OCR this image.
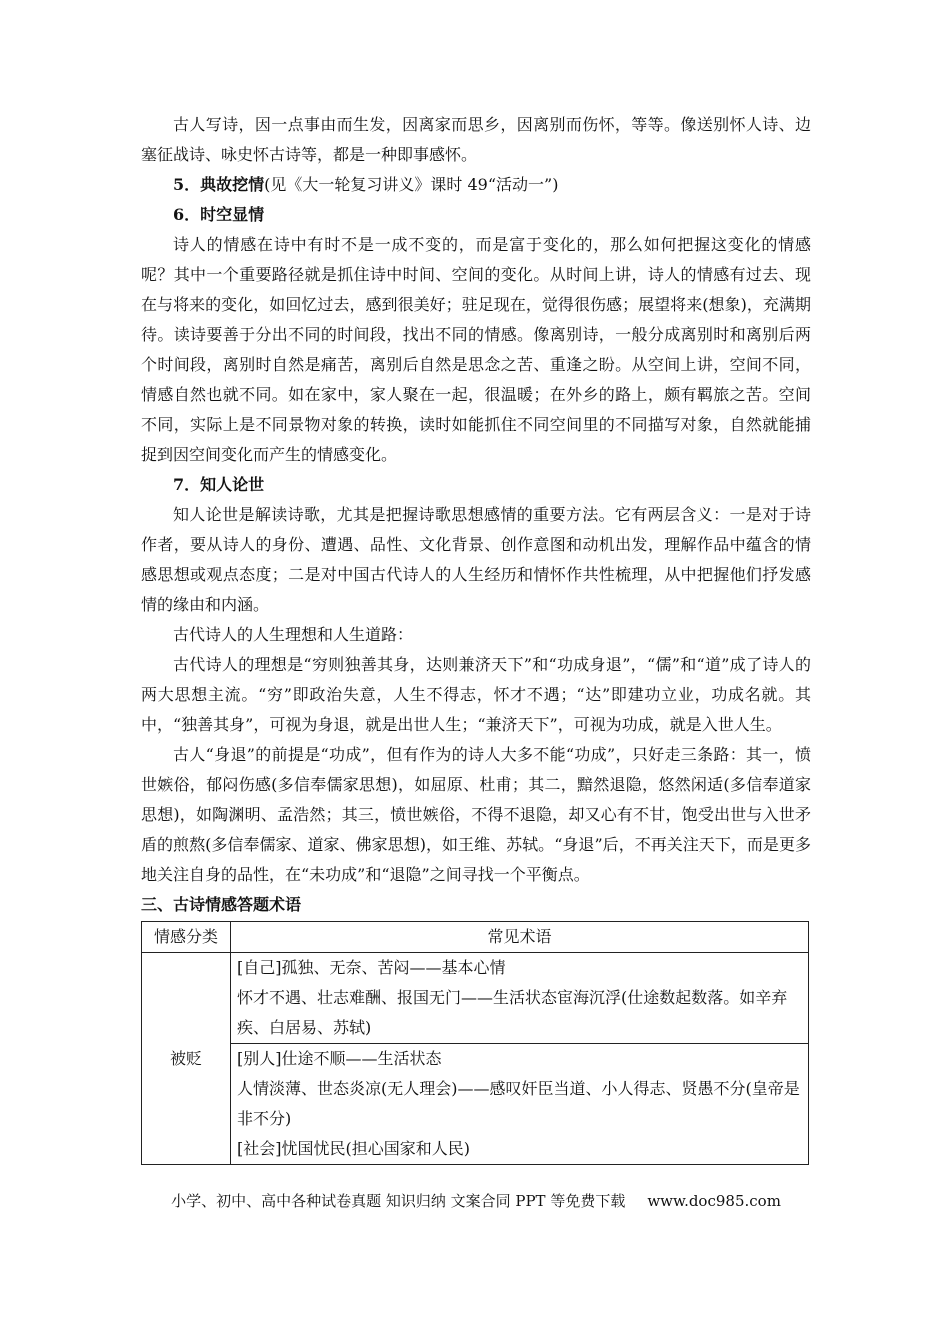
古人写诗，因一点事由而生发，因离家而思乡，因离别而伤怀，等等。像送别怀人诗、边塞征战诗、咏史怀古诗等，都是一种即事感怀。

5．典故挖情(见《大一轮复习讲义》课时 49“活动一”)

6．时空显情

诗人的情感在诗中有时不是一成不变的，而是富于变化的，那么如何把握这变化的情感呢？其中一个重要路径就是抓住诗中时间、空间的变化。从时间上讲，诗人的情感有过去、现在与将来的变化，如回忆过去，感到很美好；驻足现在，觉得很伤感；展望将来(想象)，充满期待。读诗要善于分出不同的时间段，找出不同的情感。像离别诗，一般分成离别时和离别后两个时间段，离别时自然是痛苦，离别后自然是思念之苦、重逢之盼。从空间上讲，空间不同，情感自然也就不同。如在家中，家人聚在一起，很温暖；在外乡的路上，颇有羁旅之苦。空间不同，实际上是不同景物对象的转换，读时如能抓住不同空间里的不同描写对象，自然就能捕捉到因空间变化而产生的情感变化。

7．知人论世

知人论世是解读诗歌，尤其是把握诗歌思想感情的重要方法。它有两层含义：一是对于诗作者，要从诗人的身份、遭遇、品性、文化背景、创作意图和动机出发，理解作品中蕴含的情感思想或观点态度；二是对中国古代诗人的人生经历和情怀作共性梳理，从中把握他们抒发感情的缘由和内涵。

古代诗人的人生理想和人生道路：

古代诗人的理想是“穷则独善其身，达则兼济天下”和“功成身退”，“儒”和“道”成了诗人的两大思想主流。“穷”即政治失意，人生不得志，怀才不遇；“达”即建功立业，功成名就。其中，“独善其身”，可视为身退，就是出世人生；“兼济天下”，可视为功成，就是入世人生。

古人“身退”的前提是“功成”，但有作为的诗人大多不能“功成”，只好走三条路：其一，愤世嫉俗，郁闷伤感(多信奉儒家思想)，如屈原、杜甫；其二，黯然退隐，悠然闲适(多信奉道家思想)，如陶渊明、孟浩然；其三，愤世嫉俗，不得不退隐，却又心有不甘，饱受出世与入世矛盾的煎熬(多信奉儒家、道家、佛家思想)，如王维、苏轼。“身退”后，不再关注天下，而是更多地关注自身的品性，在“未功成”和“退隐”之间寻找一个平衡点。

三、古诗情感答题术语

情感分类	常见术语
被贬	[自己]孤独、无奈、苦闷——基本心情
怀才不遇、壮志难酬、报国无门——生活状态宦海沉浮(仕途数起数落。如辛弃疾、白居易、苏轼)

	[别人]仕途不顺——生活状态
人情淡薄、世态炎凉(无人理会)——感叹奸臣当道、小人得志、贤愚不分(皇帝是非不分)
[社会]忧国忧民(担心国家和人民)
小学、初中、高中各种试卷真题 知识归纳 文案合同 PPT 等免费下载 www.doc985.com
